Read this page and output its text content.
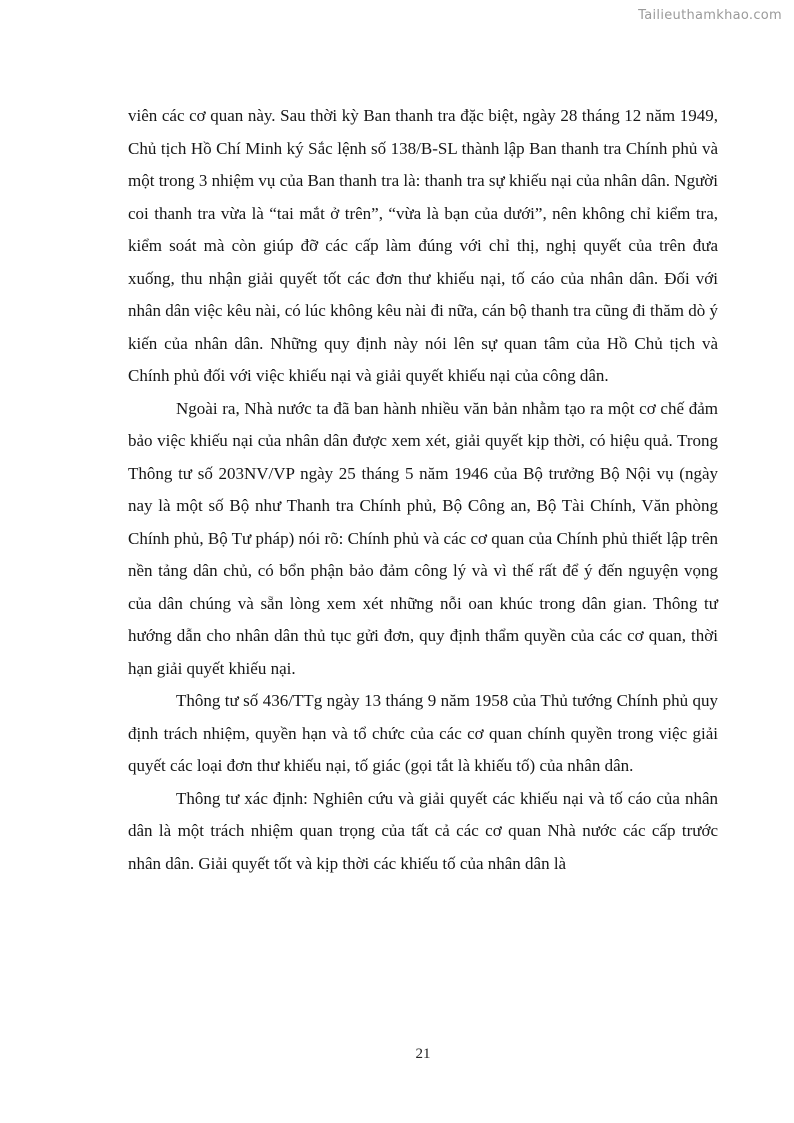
Tailieuthamkhao.com

viên các cơ quan này. Sau thời kỳ Ban thanh tra đặc biệt, ngày 28 tháng 12 năm 1949, Chủ tịch Hồ Chí Minh ký Sắc lệnh số 138/B-SL thành lập Ban thanh tra Chính phủ và một trong 3 nhiệm vụ của Ban thanh tra là: thanh tra sự khiếu nại của nhân dân. Người coi thanh tra vừa là “tai mắt ở trên”, “vừa là bạn của dưới”, nên không chỉ kiểm tra, kiểm soát mà còn giúp đỡ các cấp làm đúng với chỉ thị, nghị quyết của trên đưa xuống, thu nhận giải quyết tốt các đơn thư khiếu nại, tố cáo của nhân dân. Đối với nhân dân việc kêu nài, có lúc không kêu nài đi nữa, cán bộ thanh tra cũng đi thăm dò ý kiến của nhân dân. Những quy định này nói lên sự quan tâm của Hồ Chủ tịch và Chính phủ đối với việc khiếu nại và giải quyết khiếu nại của công dân.

Ngoài ra, Nhà nước ta đã ban hành nhiều văn bản nhằm tạo ra một cơ chế đảm bảo việc khiếu nại của nhân dân được xem xét, giải quyết kịp thời, có hiệu quả. Trong Thông tư số 203NV/VP ngày 25 tháng 5 năm 1946 của Bộ trưởng Bộ Nội vụ (ngày nay là một số Bộ như Thanh tra Chính phủ, Bộ Công an, Bộ Tài Chính, Văn phòng Chính phủ, Bộ Tư pháp) nói rõ: Chính phủ và các cơ quan của Chính phủ thiết lập trên nền tảng dân chủ, có bổn phận bảo đảm công lý và vì thế rất để ý đến nguyện vọng của dân chúng và sẵn lòng xem xét những nỗi oan khúc trong dân gian. Thông tư hướng dẫn cho nhân dân thủ tục gửi đơn, quy định thẩm quyền của các cơ quan, thời hạn giải quyết khiếu nại.

Thông tư số 436/TTg ngày 13 tháng 9 năm 1958 của Thủ tướng Chính phủ quy định trách nhiệm, quyền hạn và tổ chức của các cơ quan chính quyền trong việc giải quyết các loại đơn thư khiếu nại, tố giác (gọi tắt là khiếu tố) của nhân dân.

Thông tư xác định: Nghiên cứu và giải quyết các khiếu nại và tố cáo của nhân dân là một trách nhiệm quan trọng của tất cả các cơ quan Nhà nước các cấp trước nhân dân. Giải quyết tốt và kịp thời các khiếu tố của nhân dân là

21
